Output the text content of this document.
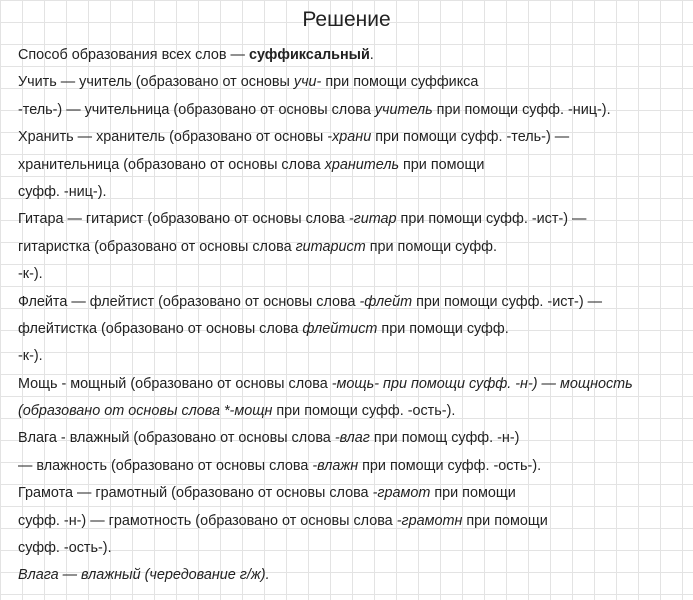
Решение
Способ образования всех слов — суффиксальный.
Учить — учитель (образовано от основы учи- при помощи суффикса
-тель-) — учительница (образовано от основы слова учитель при помощи суфф. -ниц-).
Хранить — хранитель (образовано от основы -храни при помощи суфф. -тель-) —
хранительница (образовано от основы слова хранитель при помощи
суфф. -ниц-).
Гитара — гитарист (образовано от основы слова -гитар при помощи суфф. -ист-) —
гитаристка (образовано от основы слова гитарист при помощи суфф.
-к-).
Флейта — флейтист (образовано от основы слова -флейт при помощи суфф. -ист-) —
флейтистка (образовано от основы слова флейтист при помощи суфф.
-к-).
Мощь - мощный (образовано от основы слова -мощь- при помощи суфф. -н-) — мощность
(образовано от основы слова *-мощн при помощи суфф. -ость-).
Влага - влажный (образовано от основы слова -влаг при помощ суфф. -н-)
— влажность (образовано от основы слова -влажн при помощи суфф. -ость-).
Грамота — грамотный (образовано от основы слова -грамот при помощи
суфф. -н-) — грамотность (образовано от основы слова -грамотн при помощи
суфф. -ость-).
Влага — влажный (чередование г/ж).
